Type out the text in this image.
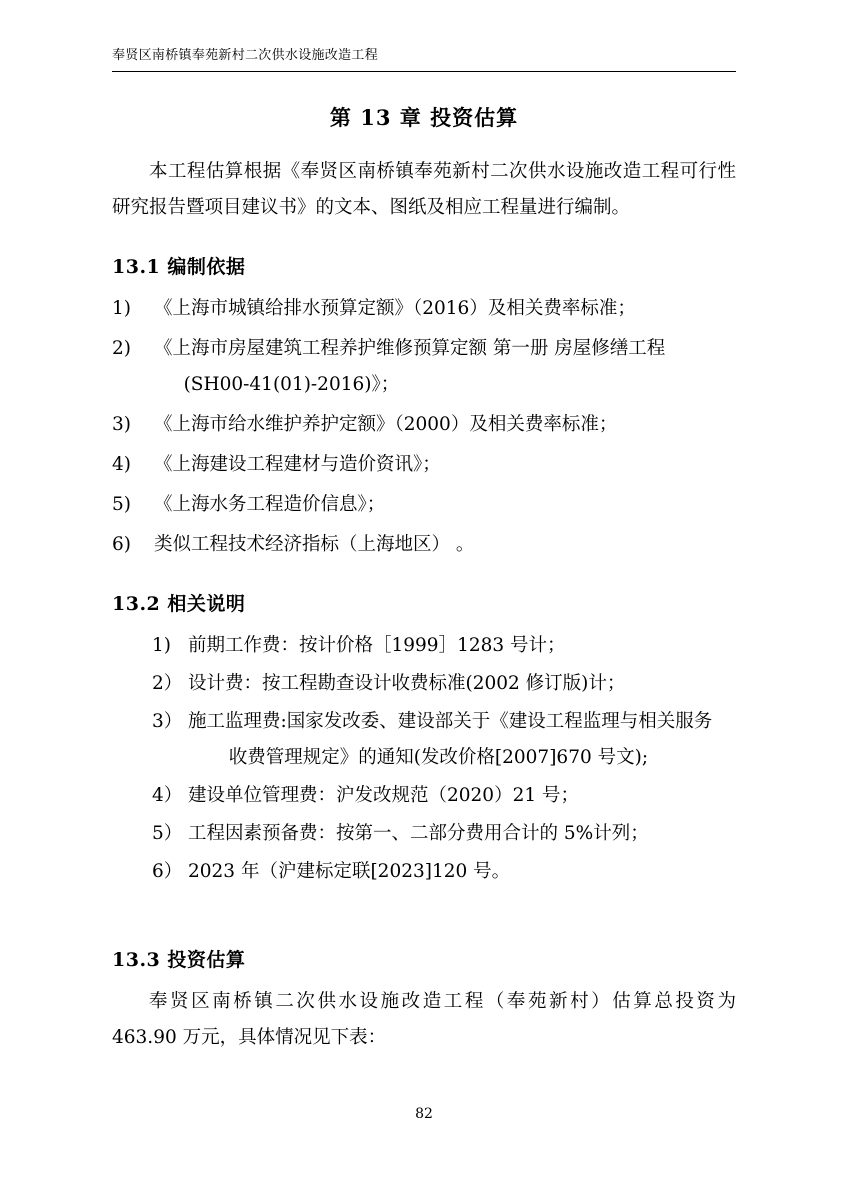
奉贤区南桥镇奉苑新村二次供水设施改造工程
第 13 章 投资估算

本工程估算根据《奉贤区南桥镇奉苑新村二次供水设施改造工程可行性研究报告暨项目建议书》的文本、图纸及相应工程量进行编制。

13.1 编制依据
1)	《上海市城镇给排水预算定额》（2016）及相关费率标准；
2)	《上海市房屋建筑工程养护维修预算定额 第一册 房屋修缮工程
(SH00-41(01)-2016)》；
3)	《上海市给水维护养护定额》（2000）及相关费率标准；
4)	《上海建设工程建材与造价资讯》；
5)	《上海水务工程造价信息》；
6)	类似工程技术经济指标（上海地区） 。
13.2 相关说明
1) 前期工作费：按计价格［1999］1283 号计；
2） 设计费：按工程勘查设计收费标准(2002 修订版)计；
3） 施工监理费:国家发改委、建设部关于《建设工程监理与相关服务
收费管理规定》的通知(发改价格[2007]670 号文);
4） 建设单位管理费：沪发改规范（2020）21 号；
5） 工程因素预备费：按第一、二部分费用合计的 5%计列；
6） 2023 年（沪建标定联[2023]120 号。
13.3 投资估算

奉贤区南桥镇二次供水设施改造工程（奉苑新村）估算总投资为 463.90 万元，具体情况见下表：

82
